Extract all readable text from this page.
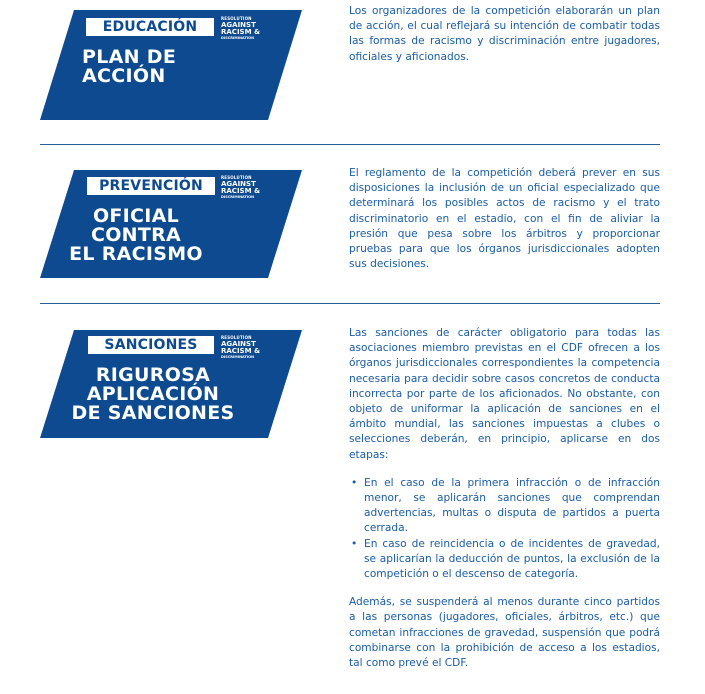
EDUCACIÓN
RESOLUTION
AGAINST
RACISM &
DISCRIMINATION
PLAN DE
ACCIÓN

Los organizadores de la competición elaborarán un plan de acción, el cual reflejará su intención de combatir todas las formas de racismo y discriminación entre jugadores, oficiales y aficionados.

PREVENCIÓN
RESOLUTION
AGAINST
RACISM &
DISCRIMINATION
OFICIAL
CONTRA
EL RACISMO

El reglamento de la competición deberá prever en sus disposiciones la inclusión de un oficial especializado que determinará los posibles actos de racismo y el trato discriminatorio en el estadio, con el fin de aliviar la presión que pesa sobre los árbitros y proporcionar pruebas para que los órganos jurisdiccionales adopten sus decisiones.

SANCIONES	RESOLUTION
AGAINST
RACISM &
DISCRIMINATION
RIGUROSA
APLICACIÓN
DE SANCIONES

Las sanciones de carácter obligatorio para todas las asociaciones miembro previstas en el CDF ofrecen a los órganos jurisdiccionales correspondientes la competencia necesaria para decidir sobre casos concretos de conducta incorrecta por parte de los aficionados. No obstante, con objeto de uniformar la aplicación de sanciones en el ámbito mundial, las sanciones impuestas a clubes o selecciones deberán, en principio, aplicarse en dos etapas:

• En el caso de la primera infracción o de infracción menor, se aplicarán sanciones que comprendan advertencias, multas o disputa de partidos a puerta cerrada.
• En caso de reincidencia o de incidentes de gravedad, se aplicarían la deducción de puntos, la exclusión de la competición o el descenso de categoría.

Además, se suspenderá al menos durante cinco partidos a las personas (jugadores, oficiales, árbitros, etc.) que cometan infracciones de gravedad, suspensión que podrá combinarse con la prohibición de acceso a los estadios, tal como prevé el CDF.
